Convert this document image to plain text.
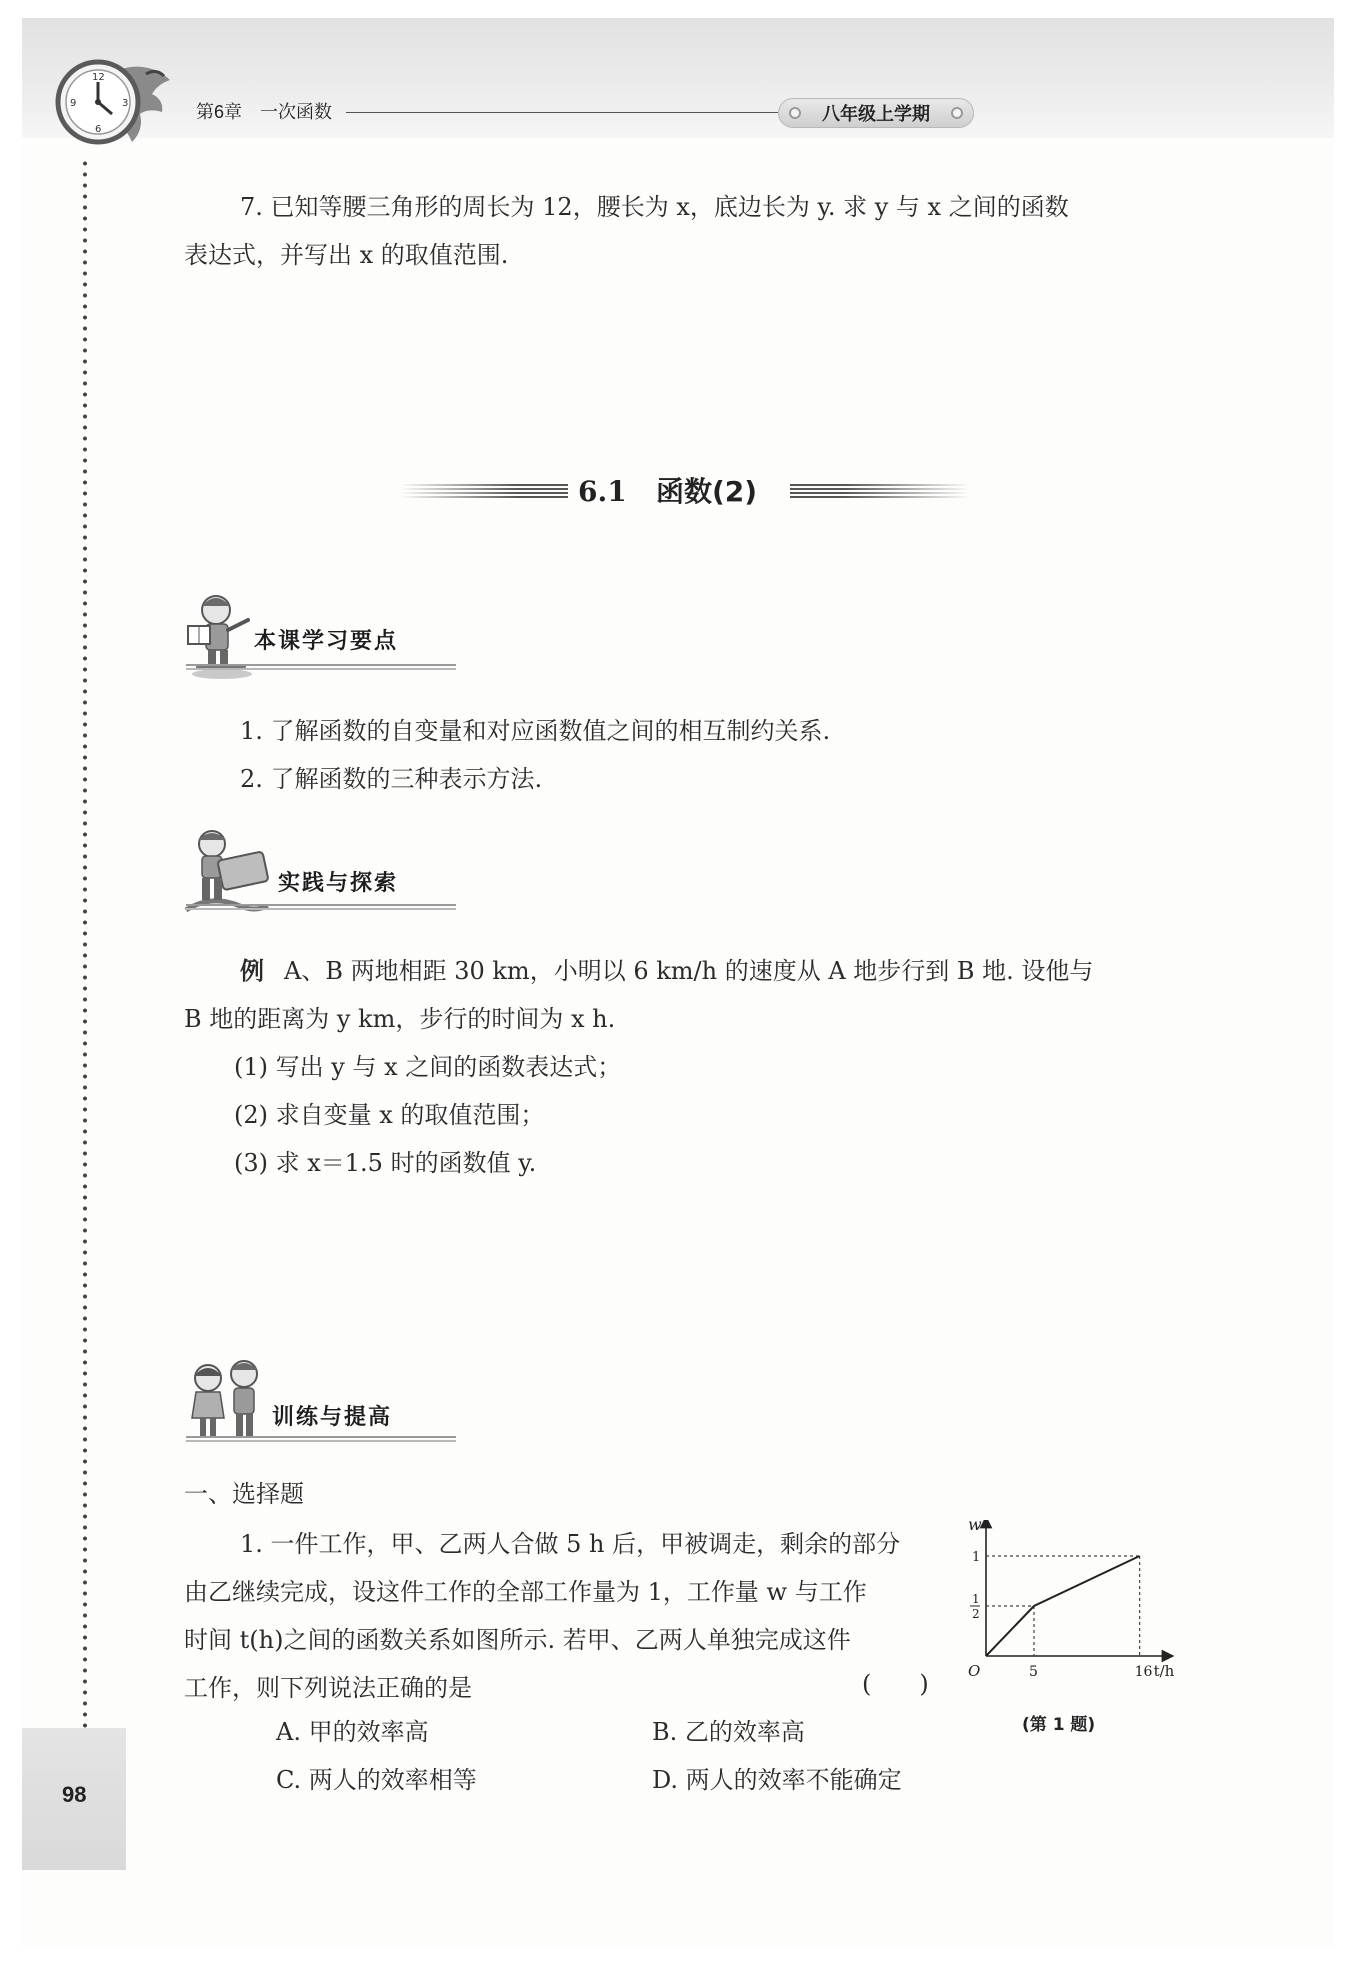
12
3
6
9	第6章　一次函数	八年级上学期
7. 已知等腰三角形的周长为 12，腰长为 x，底边长为 y. 求 y 与 x 之间的函数
表达式，并写出 x 的取值范围.
6.1 函数(2)
本课学习要点
1. 了解函数的自变量和对应函数值之间的相互制约关系.
2. 了解函数的三种表示方法.
实践与探索
例 A、B 两地相距 30 km，小明以 6 km/h 的速度从 A 地步行到 B 地. 设他与
B 地的距离为 y km，步行的时间为 x h.
(1) 写出 y 与 x 之间的函数表达式；
(2) 求自变量 x 的取值范围；
(3) 求 x＝1.5 时的函数值 y.
训练与提高
一、选择题
1. 一件工作，甲、乙两人合做 5 h 后，甲被调走，剩余的部分
由乙继续完成，设这件工作的全部工作量为 1，工作量 w 与工作
时间 t(h)之间的函数关系如图所示. 若甲、乙两人单独完成这件
工作，则下列说法正确的是	(　　)
A. 甲的效率高	B. 乙的效率高
C. 两人的效率相等	D. 两人的效率不能确定
w
t/h
O	5	16
1
2
1
(第 1 题)
98
